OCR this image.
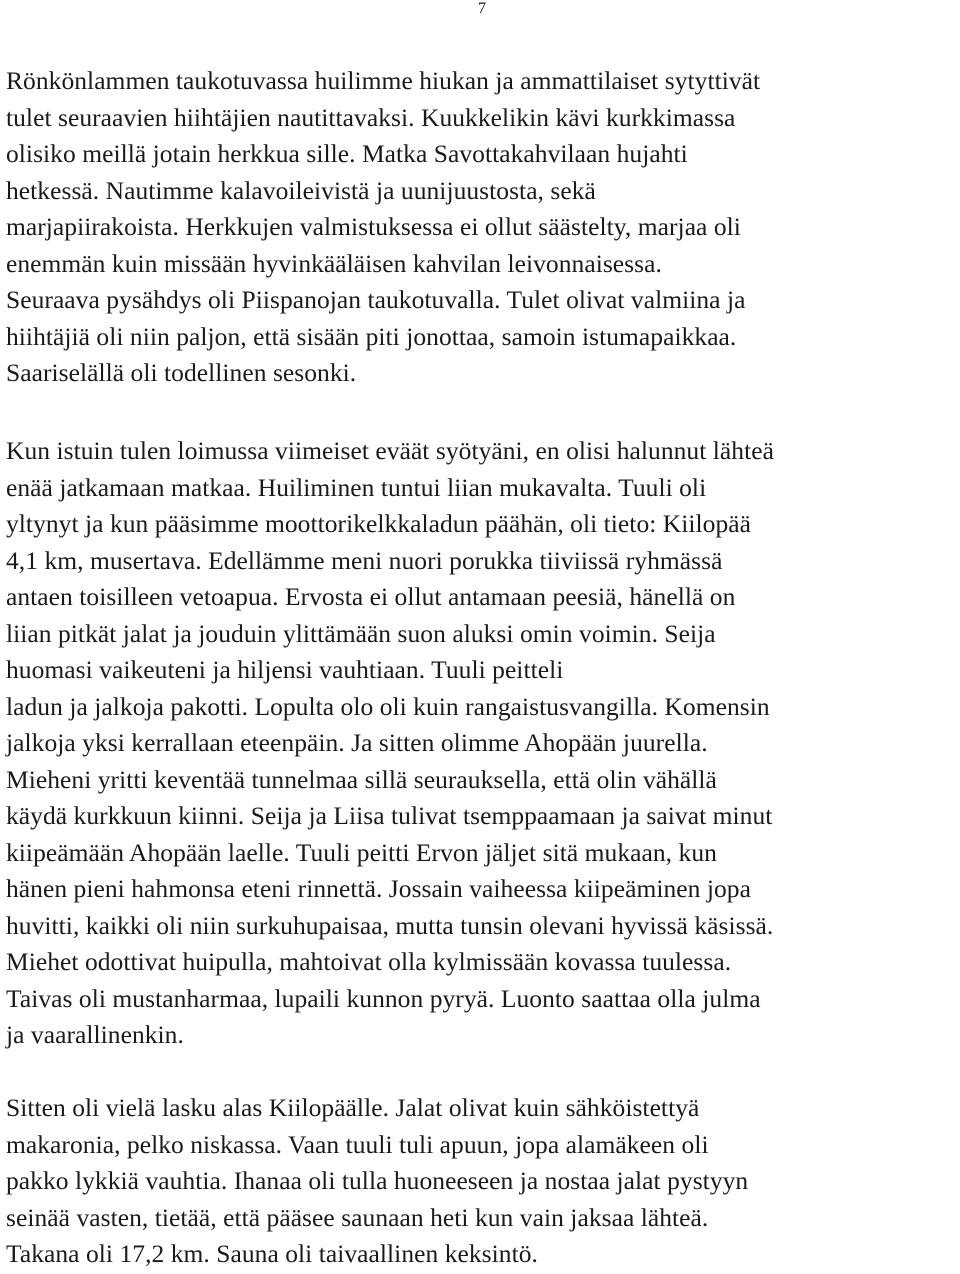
7
Rönkönlammen taukotuvassa huilimme hiukan ja ammattilaiset sytyttivät
tulet seuraavien hiihtäjien nautittavaksi. Kuukkelikin kävi kurkkimassa
olisiko meillä jotain herkkua sille. Matka Savottakahvilaan hujahti
hetkessä. Nautimme kalavoileivistä ja uunijuustosta, sekä
marjapiirakoista. Herkkujen valmistuksessa ei ollut säästelty, marjaa oli
enemmän kuin missään hyvinkääläisen kahvilan leivonnaisessa.
Seuraava pysähdys oli Piispanojan taukotuvalla. Tulet olivat valmiina ja
hiihtäjiä oli niin paljon, että sisään piti jonottaa, samoin istumapaikkaa.
Saariselällä oli todellinen sesonki.
Kun istuin tulen loimussa viimeiset eväät syötyäni, en olisi halunnut lähteä
enää jatkamaan matkaa. Huiliminen tuntui liian mukavalta. Tuuli oli
yltynyt ja kun pääsimme moottorikelkkaladun päähän, oli tieto: Kiilopää
4,1 km, musertava. Edellämme meni nuori porukka tiiviissä ryhmässä
antaen toisilleen vetoapua. Ervosta ei ollut antamaan peesiä, hänellä on
liian pitkät jalat ja jouduin ylittämään suon aluksi omin voimin. Seija
huomasi vaikeuteni ja hiljensi vauhtiaan. Tuuli peitteli
ladun ja jalkoja pakotti. Lopulta olo oli kuin rangaistusvangilla. Komensin
jalkoja yksi kerrallaan eteenpäin. Ja sitten olimme Ahopään juurella.
Mieheni yritti keventää tunnelmaa sillä seurauksella, että olin vähällä
käydä kurkkuun kiinni. Seija ja Liisa tulivat tsemppaamaan ja saivat minut
kiipeämään Ahopään laelle. Tuuli peitti Ervon jäljet sitä mukaan, kun
hänen pieni hahmonsa eteni rinnettä. Jossain vaiheessa kiipeäminen jopa
huvitti, kaikki oli niin surkuhupaisaa, mutta tunsin olevani hyvissä käsissä.
Miehet odottivat huipulla, mahtoivat olla kylmissään kovassa tuulessa.
Taivas oli mustanharmaa, lupaili kunnon pyryä. Luonto saattaa olla julma
ja vaarallinenkin.
Sitten oli vielä lasku alas Kiilopäälle. Jalat olivat kuin sähköistettyä
makaronia, pelko niskassa. Vaan tuuli tuli apuun, jopa alamäkeen oli
pakko lykkiä vauhtia. Ihanaa oli tulla huoneeseen ja nostaa jalat pystyyn
seinää vasten, tietää, että pääsee saunaan heti kun vain jaksaa lähteä.
Takana oli 17,2 km. Sauna oli taivaallinen keksintö.
